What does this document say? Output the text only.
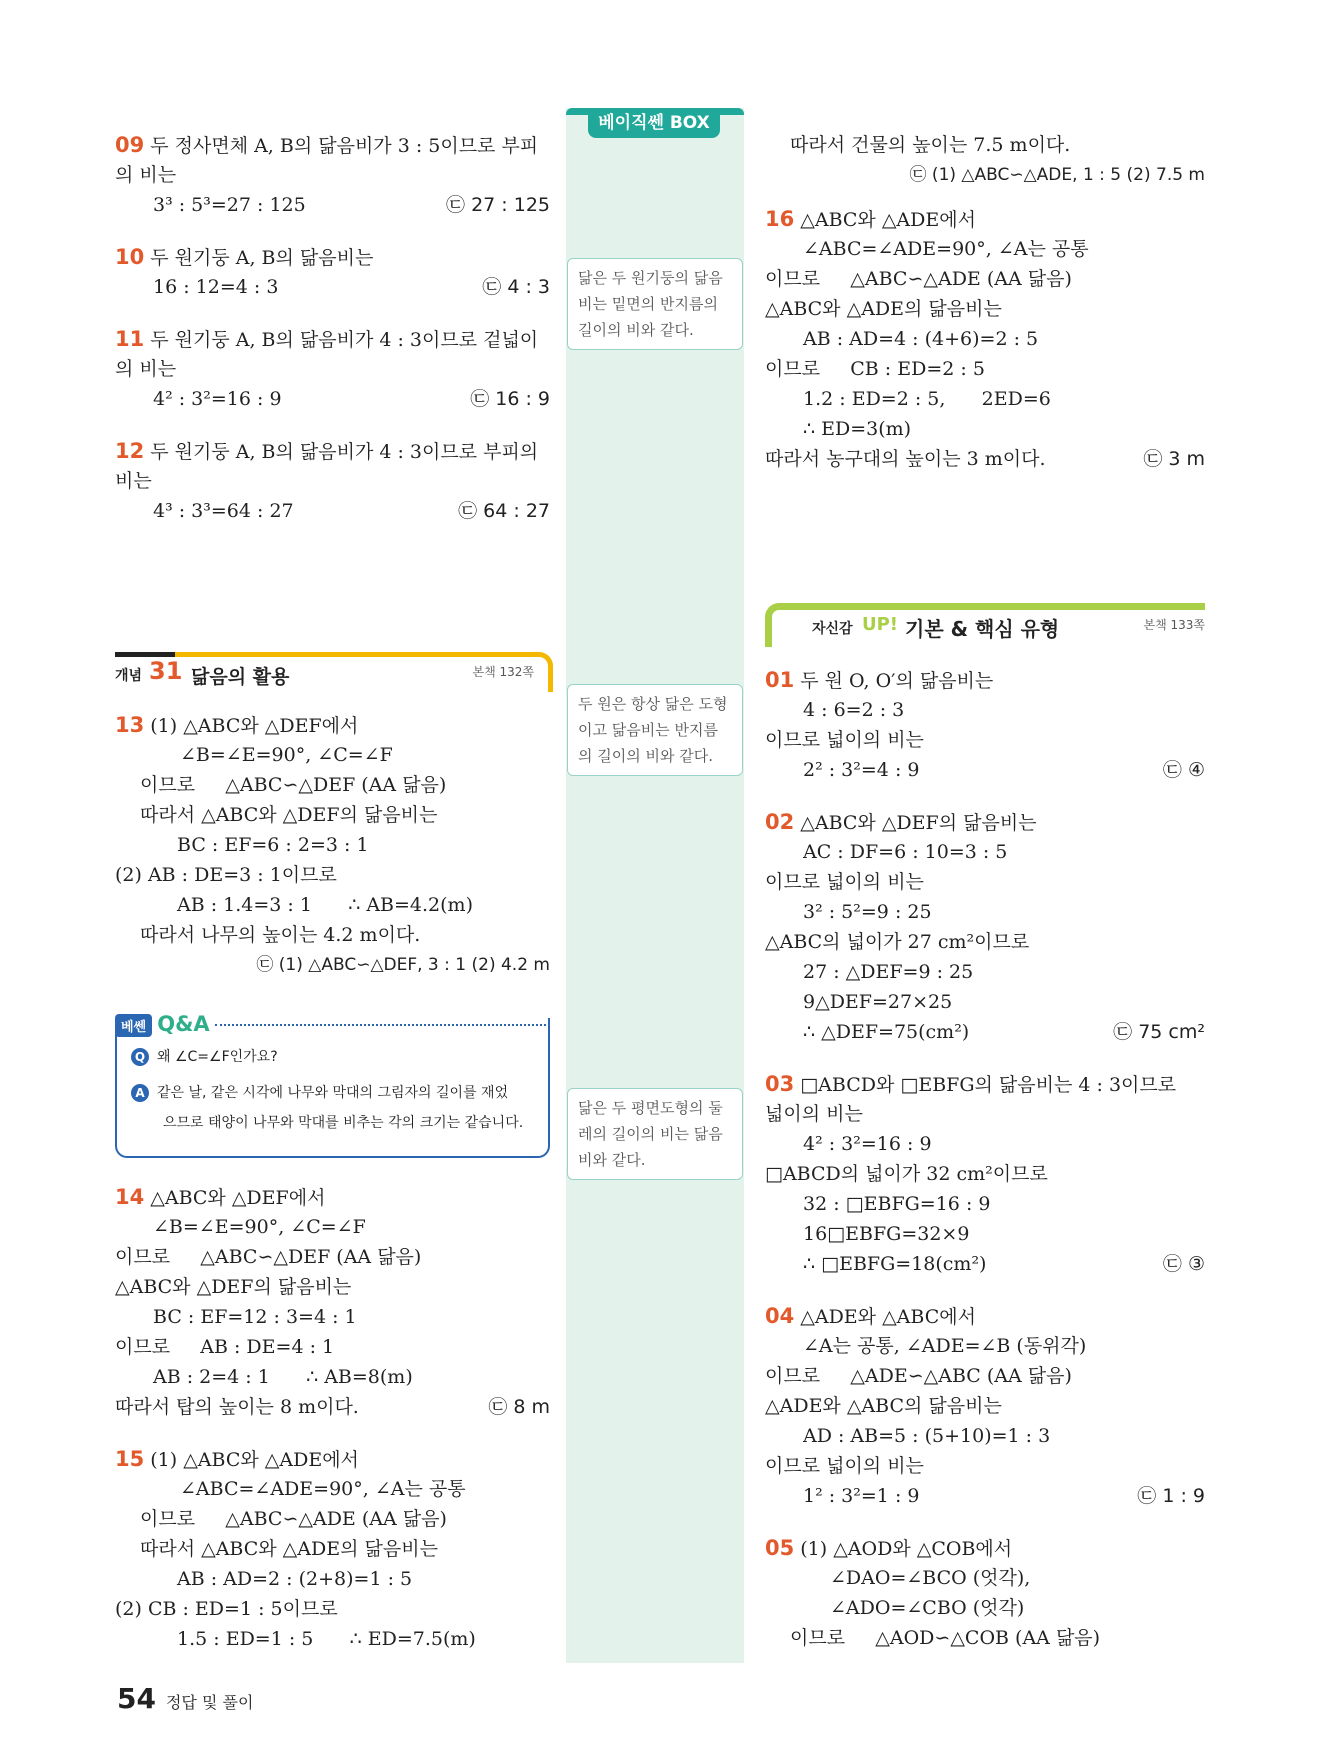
베이직쎈 BOX
닮은 두 원기둥의 닮음비는 밑면의 반지름의 길이의 비와 같다.
두 원은 항상 닮은 도형이고 닮음비는 반지름의 길이의 비와 같다.
닮은 두 평면도형의 둘레의 길이의 비는 닮음비와 같다.
09 두 정사면체 A, B의 닮음비가 3 : 5이므로 부피
의 비는
3³ : 5³=27 : 125	㉢ 27 : 125
10 두 원기둥 A, B의 닮음비는
16 : 12=4 : 3	㉢ 4 : 3
11 두 원기둥 A, B의 닮음비가 4 : 3이므로 겉넓이
의 비는
4² : 3²=16 : 9	㉢ 16 : 9
12 두 원기둥 A, B의 닮음비가 4 : 3이므로 부피의
비는
4³ : 3³=64 : 27	㉢ 64 : 27
개념 31 닮음의 활용	본책 132쪽
13 (1) △ABC와 △DEF에서
∠B=∠E=90°, ∠C=∠F
이므로     △ABC∽△DEF (AA 닮음)
따라서 △ABC와 △DEF의 닮음비는
BC : EF=6 : 2=3 : 1
(2) AB : DE=3 : 1이므로
AB : 1.4=3 : 1      ∴ AB=4.2(m)
따라서 나무의 높이는 4.2 m이다.
㉢ (1) △ABC∽△DEF, 3 : 1 (2) 4.2 m
베쎈 Q&A
Q 왜 ∠C=∠F인가요?
A 같은 날, 같은 시각에 나무와 막대의 그림자의 길이를 재었
으므로 태양이 나무와 막대를 비추는 각의 크기는 같습니다.
14 △ABC와 △DEF에서
∠B=∠E=90°, ∠C=∠F
이므로     △ABC∽△DEF (AA 닮음)
△ABC와 △DEF의 닮음비는
BC : EF=12 : 3=4 : 1
이므로     AB : DE=4 : 1
AB : 2=4 : 1      ∴ AB=8(m)
따라서 탑의 높이는 8 m이다.	㉢ 8 m
15 (1) △ABC와 △ADE에서
∠ABC=∠ADE=90°, ∠A는 공통
이므로     △ABC∽△ADE (AA 닮음)
따라서 △ABC와 △ADE의 닮음비는
AB : AD=2 : (2+8)=1 : 5
(2) CB : ED=1 : 5이므로
1.5 : ED=1 : 5      ∴ ED=7.5(m)
따라서 건물의 높이는 7.5 m이다.
㉢ (1) △ABC∽△ADE, 1 : 5 (2) 7.5 m
16 △ABC와 △ADE에서
∠ABC=∠ADE=90°, ∠A는 공통
이므로     △ABC∽△ADE (AA 닮음)
△ABC와 △ADE의 닮음비는
AB : AD=4 : (4+6)=2 : 5
이므로     CB : ED=2 : 5
1.2 : ED=2 : 5,      2ED=6
∴ ED=3(m)
따라서 농구대의 높이는 3 m이다.	㉢ 3 m
자신감 UP! 기본 & 핵심 유형	본책 133쪽
01 두 원 O, O′의 닮음비는
4 : 6=2 : 3
이므로 넓이의 비는
2² : 3²=4 : 9	㉢ ④
02 △ABC와 △DEF의 닮음비는
AC : DF=6 : 10=3 : 5
이므로 넓이의 비는
3² : 5²=9 : 25
△ABC의 넓이가 27 cm²이므로
27 : △DEF=9 : 25
9△DEF=27×25
∴ △DEF=75(cm²)	㉢ 75 cm²
03 □ABCD와 □EBFG의 닮음비는 4 : 3이므로
넓이의 비는
4² : 3²=16 : 9
□ABCD의 넓이가 32 cm²이므로
32 : □EBFG=16 : 9
16□EBFG=32×9
∴ □EBFG=18(cm²)	㉢ ③
04 △ADE와 △ABC에서
∠A는 공통, ∠ADE=∠B (동위각)
이므로     △ADE∽△ABC (AA 닮음)
△ADE와 △ABC의 닮음비는
AD : AB=5 : (5+10)=1 : 3
이므로 넓이의 비는
1² : 3²=1 : 9	㉢ 1 : 9
05 (1) △AOD와 △COB에서
∠DAO=∠BCO (엇각),
∠ADO=∠CBO (엇각)
이므로     △AOD∽△COB (AA 닮음)
54 정답 및 풀이
